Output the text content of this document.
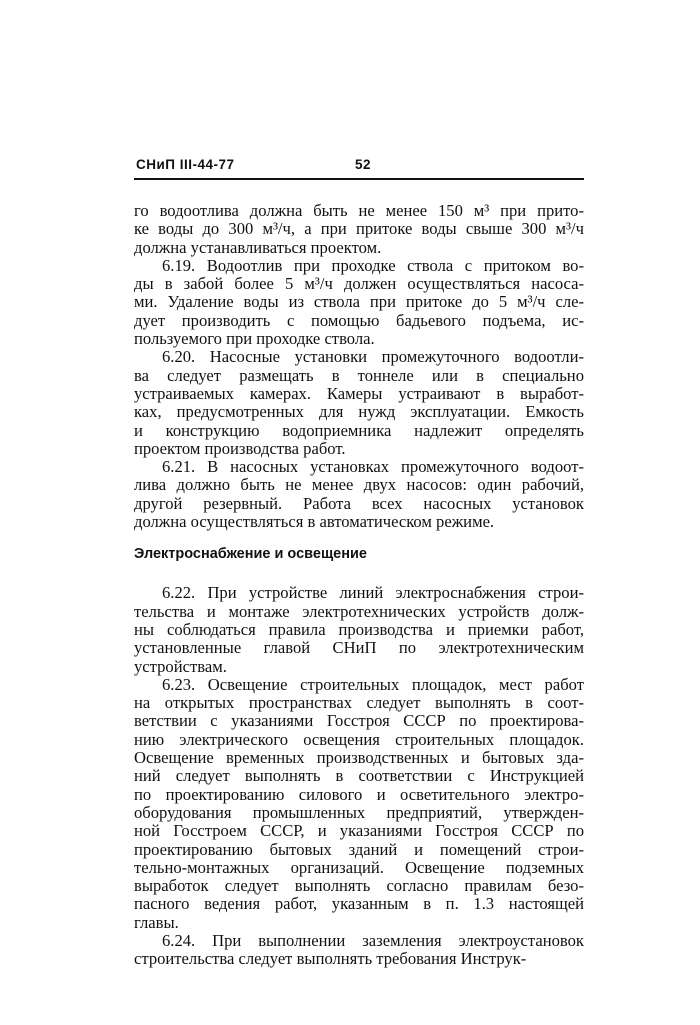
СНиП III-44-77	52
го водоотлива должна быть не менее 150 м³ при прито-
ке воды до 300 м³/ч, а при притоке воды свыше 300 м³/ч
должна устанавливаться проектом.
6.19. Водоотлив при проходке ствола с притоком во-
ды в забой более 5 м³/ч должен осуществляться насоса-
ми. Удаление воды из ствола при притоке до 5 м³/ч сле-
дует производить с помощью бадьевого подъема, ис-
пользуемого при проходке ствола.
6.20. Насосные установки промежуточного водоотли-
ва следует размещать в тоннеле или в специально
устраиваемых камерах. Камеры устраивают в выработ-
ках, предусмотренных для нужд эксплуатации. Емкость
и конструкцию водоприемника надлежит определять
проектом производства работ.
6.21. В насосных установках промежуточного водоот-
лива должно быть не менее двух насосов: один рабочий,
другой резервный. Работа всех насосных установок
должна осуществляться в автоматическом режиме.
Электроснабжение и освещение
6.22. При устройстве линий электроснабжения строи-
тельства и монтаже электротехнических устройств долж-
ны соблюдаться правила производства и приемки работ,
установленные главой СНиП по электротехническим
устройствам.
6.23. Освещение строительных площадок, мест работ
на открытых пространствах следует выполнять в соот-
ветствии с указаниями Госстроя СССР по проектирова-
нию электрического освещения строительных площадок.
Освещение временных производственных и бытовых зда-
ний следует выполнять в соответствии с Инструкцией
по проектированию силового и осветительного электро-
оборудования промышленных предприятий, утвержден-
ной Госстроем СССР, и указаниями Госстроя СССР по
проектированию бытовых зданий и помещений строи-
тельно-монтажных организаций. Освещение подземных
выработок следует выполнять согласно правилам безо-
пасного ведения работ, указанным в п. 1.3 настоящей
главы.
6.24. При выполнении заземления электроустановок
строительства следует выполнять требования Инструк-
